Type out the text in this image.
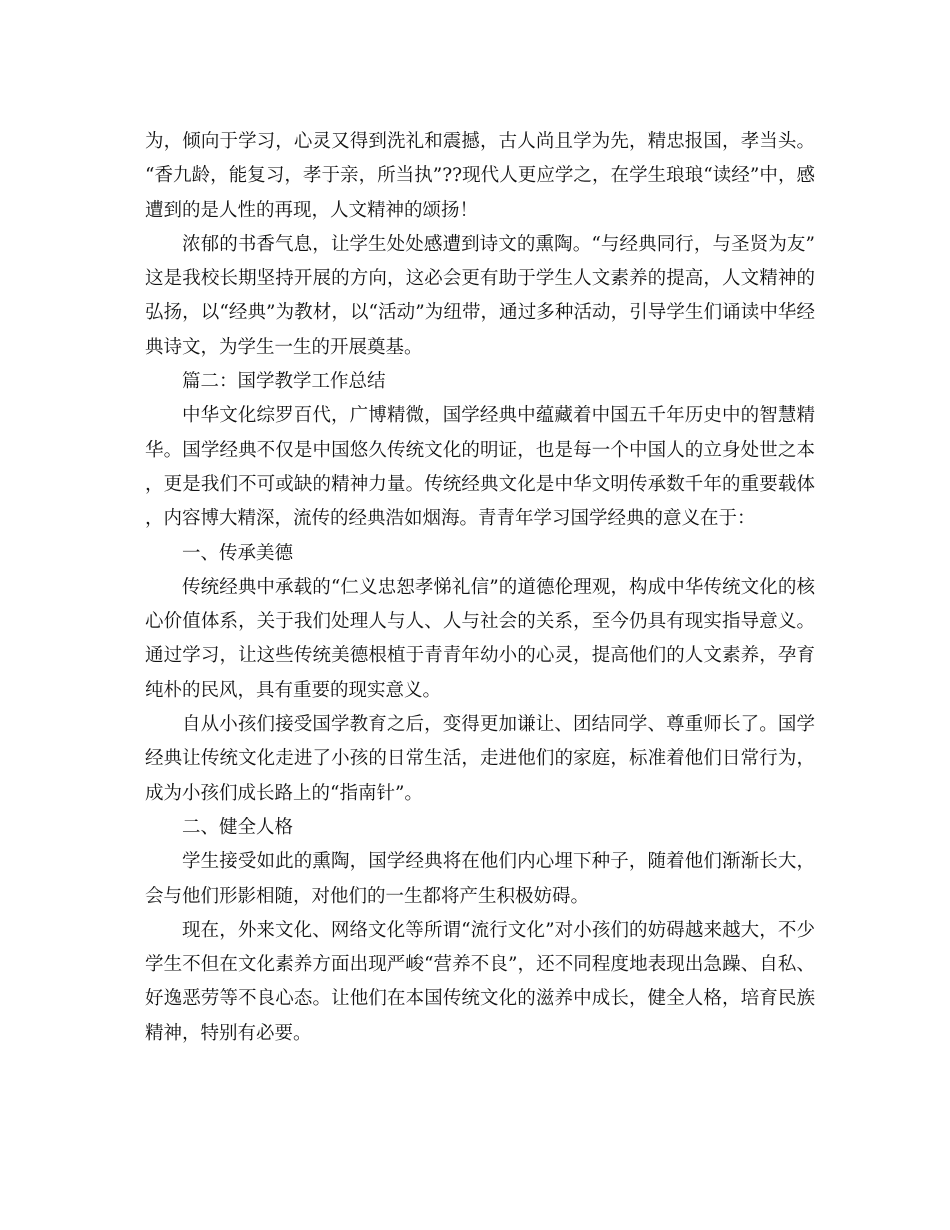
为，倾向于学习，心灵又得到洗礼和震撼，古人尚且学为先，精忠报国，孝当头。“香九龄，能复习，孝于亲，所当执”??现代人更应学之，在学生琅琅“读经”中，感遭到的是人性的再现，人文精神的颂扬！

浓郁的书香气息，让学生处处感遭到诗文的熏陶。“与经典同行，与圣贤为友”这是我校长期坚持开展的方向，这必会更有助于学生人文素养的提高，人文精神的弘扬，以“经典”为教材，以“活动”为纽带，通过多种活动，引导学生们诵读中华经典诗文，为学生一生的开展奠基。

篇二：国学教学工作总结

中华文化综罗百代，广博精微，国学经典中蕴藏着中国五千年历史中的智慧精华。国学经典不仅是中国悠久传统文化的明证，也是每一个中国人的立身处世之本，更是我们不可或缺的精神力量。传统经典文化是中华文明传承数千年的重要载体，内容博大精深，流传的经典浩如烟海。青青年学习国学经典的意义在于：

一、传承美德

传统经典中承载的“仁义忠恕孝悌礼信”的道德伦理观，构成中华传统文化的核心价值体系，关于我们处理人与人、人与社会的关系，至今仍具有现实指导意义。通过学习，让这些传统美德根植于青青年幼小的心灵，提高他们的人文素养，孕育纯朴的民风，具有重要的现实意义。

自从小孩们接受国学教育之后，变得更加谦让、团结同学、尊重师长了。国学经典让传统文化走进了小孩的日常生活，走进他们的家庭，标准着他们日常行为，成为小孩们成长路上的“指南针”。

二、健全人格

学生接受如此的熏陶，国学经典将在他们内心埋下种子，随着他们渐渐长大，会与他们形影相随，对他们的一生都将产生积极妨碍。

现在，外来文化、网络文化等所谓“流行文化”对小孩们的妨碍越来越大，不少学生不但在文化素养方面出现严峻“营养不良”，还不同程度地表现出急躁、自私、好逸恶劳等不良心态。让他们在本国传统文化的滋养中成长，健全人格，培育民族精神，特别有必要。
